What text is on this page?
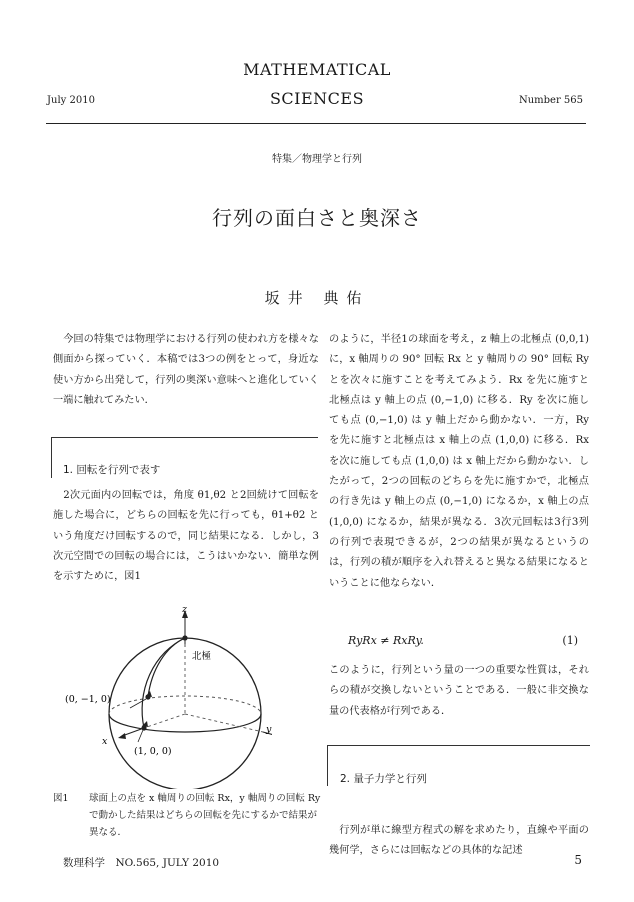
MATHEMATICAL
SCIENCES
July 2010	Number 565
特集／物理学と行列
行列の面白さと奥深さ
坂井 典佑

今回の特集では物理学における行列の使われ方を様々な側面から探っていく．本稿では3つの例をとって，身近な使い方から出発して，行列の奥深い意味へと進化していく一端に触れてみたい．

1. 回転を行列で表す

2次元面内の回転では，角度 θ1,θ2 と2回続けて回転を施した場合に，どちらの回転を先に行っても，θ1+θ2 という角度だけ回転するので，同じ結果になる．しかし，3次元空間での回転の場合には，こうはいかない．簡単な例を示すために，図1

z
北極
(0, −1, 0)
x
y
(1, 0, 0)
図1 球面上の点を x 軸周りの回転 Rx，y 軸周りの回転 Ry で動かした結果はどちらの回転を先にするかで結果が異なる．

のように，半径1の球面を考え，z 軸上の北極点 (0,0,1) に，x 軸周りの 90° 回転 Rx と y 軸周りの 90° 回転 Ry とを次々に施すことを考えてみよう．Rx を先に施すと北極点は y 軸上の点 (0,−1,0) に移る．Ry を次に施しても点 (0,−1,0) は y 軸上だから動かない．一方，Ry を先に施すと北極点は x 軸上の点 (1,0,0) に移る．Rx を次に施しても点 (1,0,0) は x 軸上だから動かない．したがって，2つの回転のどちらを先に施すかで，北極点の行き先は y 軸上の点 (0,−1,0) になるか，x 軸上の点 (1,0,0) になるか，結果が異なる．3次元回転は3行3列の行列で表現できるが，2つの結果が異なるというのは，行列の積が順序を入れ替えると異なる結果になるということに他ならない．

RyRx ≠ RxRy.	(1)

このように，行列という量の一つの重要な性質は，それらの積が交換しないということである．一般に非交換な量の代表格が行列である．

2. 量子力学と行列

行列が単に線型方程式の解を求めたり，直線や平面の幾何学，さらには回転などの具体的な記述

数理科学　NO.565, JULY 2010	5
